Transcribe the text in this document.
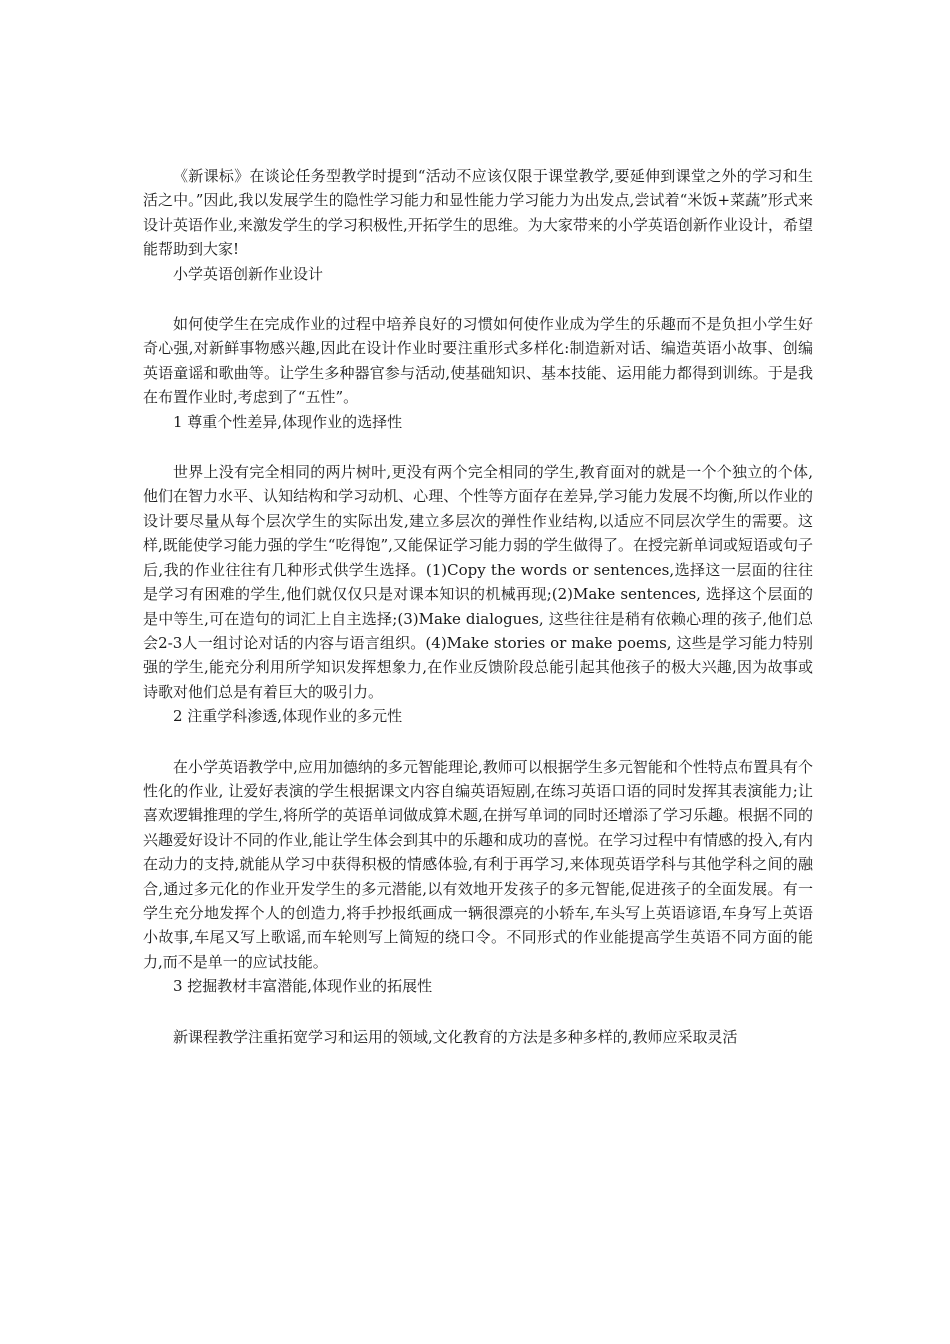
《新课标》在谈论任务型教学时提到“活动不应该仅限于课堂教学,要延伸到课堂之外的学习和生活之中。”因此,我以发展学生的隐性学习能力和显性能力学习能力为出发点,尝试着“米饭+菜蔬”形式来设计英语作业,来激发学生的学习积极性,开拓学生的思维。为大家带来的小学英语创新作业设计，希望能帮助到大家!

小学英语创新作业设计

如何使学生在完成作业的过程中培养良好的习惯如何使作业成为学生的乐趣而不是负担小学生好奇心强,对新鲜事物感兴趣,因此在设计作业时要注重形式多样化:制造新对话、编造英语小故事、创编英语童谣和歌曲等。让学生多种器官参与活动,使基础知识、基本技能、运用能力都得到训练。于是我在布置作业时,考虑到了“五性”。

1 尊重个性差异,体现作业的选择性

世界上没有完全相同的两片树叶,更没有两个完全相同的学生,教育面对的就是一个个独立的个体,他们在智力水平、认知结构和学习动机、心理、个性等方面存在差异,学习能力发展不均衡,所以作业的设计要尽量从每个层次学生的实际出发,建立多层次的弹性作业结构,以适应不同层次学生的需要。这样,既能使学习能力强的学生“吃得饱”,又能保证学习能力弱的学生做得了。在授完新单词或短语或句子后,我的作业往往有几种形式供学生选择。(1)Copy the words or sentences,选择这一层面的往往是学习有困难的学生,他们就仅仅只是对课本知识的机械再现;(2)Make sentences, 选择这个层面的是中等生,可在造句的词汇上自主选择;(3)Make dialogues, 这些往往是稍有依赖心理的孩子,他们总会2-3人一组讨论对话的内容与语言组织。(4)Make stories or make poems, 这些是学习能力特别强的学生,能充分利用所学知识发挥想象力,在作业反馈阶段总能引起其他孩子的极大兴趣,因为故事或诗歌对他们总是有着巨大的吸引力。

2 注重学科渗透,体现作业的多元性

在小学英语教学中,应用加德纳的多元智能理论,教师可以根据学生多元智能和个性特点布置具有个性化的作业, 让爱好表演的学生根据课文内容自编英语短剧,在练习英语口语的同时发挥其表演能力;让喜欢逻辑推理的学生,将所学的英语单词做成算术题,在拼写单词的同时还增添了学习乐趣。根据不同的兴趣爱好设计不同的作业,能让学生体会到其中的乐趣和成功的喜悦。在学习过程中有情感的投入,有内在动力的支持,就能从学习中获得积极的情感体验,有利于再学习,来体现英语学科与其他学科之间的融合,通过多元化的作业开发学生的多元潜能,以有效地开发孩子的多元智能,促进孩子的全面发展。有一学生充分地发挥个人的创造力,将手抄报纸画成一辆很漂亮的小轿车,车头写上英语谚语,车身写上英语小故事,车尾又写上歌谣,而车轮则写上简短的绕口令。不同形式的作业能提高学生英语不同方面的能力,而不是单一的应试技能。

3 挖掘教材丰富潜能,体现作业的拓展性

新课程教学注重拓宽学习和运用的领域,文化教育的方法是多种多样的,教师应采取灵活
